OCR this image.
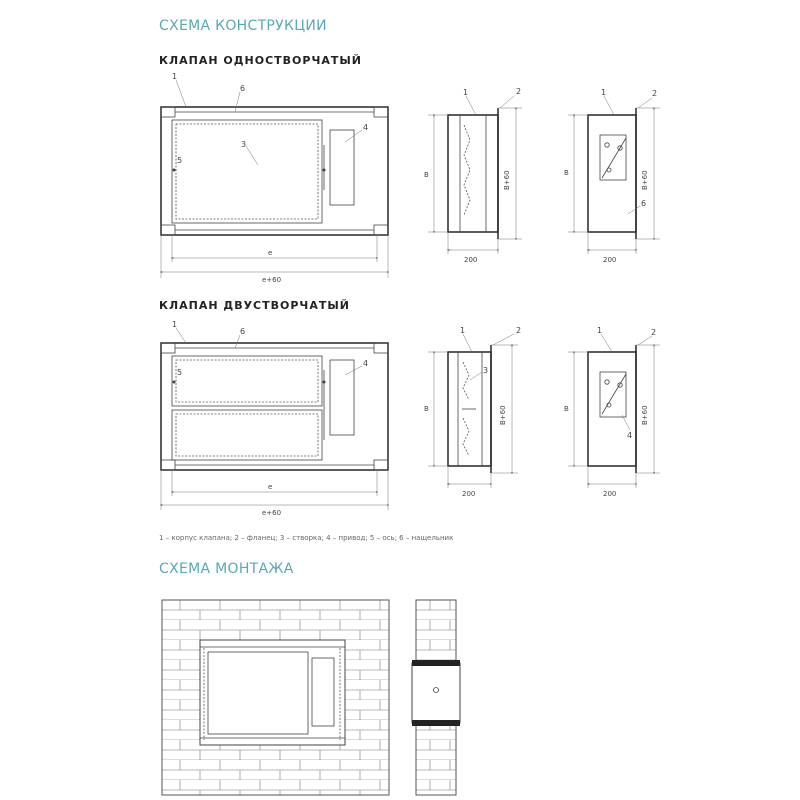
СХЕМА КОНСТРУКЦИИ
СХЕМА МОНТАЖА
КЛАПАН ОДНОСТВОРЧАТЫЙ
1
6
3
5
4
e
e+60
1	2
B	B+60
200
1	2
6
B	B+60
200
КЛАПАН ДВУСТВОРЧАТЫЙ
1
6
5
4
e
e+60
1	2
3
B	B+60
200
1	2
4
B	B+60
200
1 – корпус клапана; 2 – фланец; 3 – створка; 4 – привод; 5 – ось; 6 – нащельник
